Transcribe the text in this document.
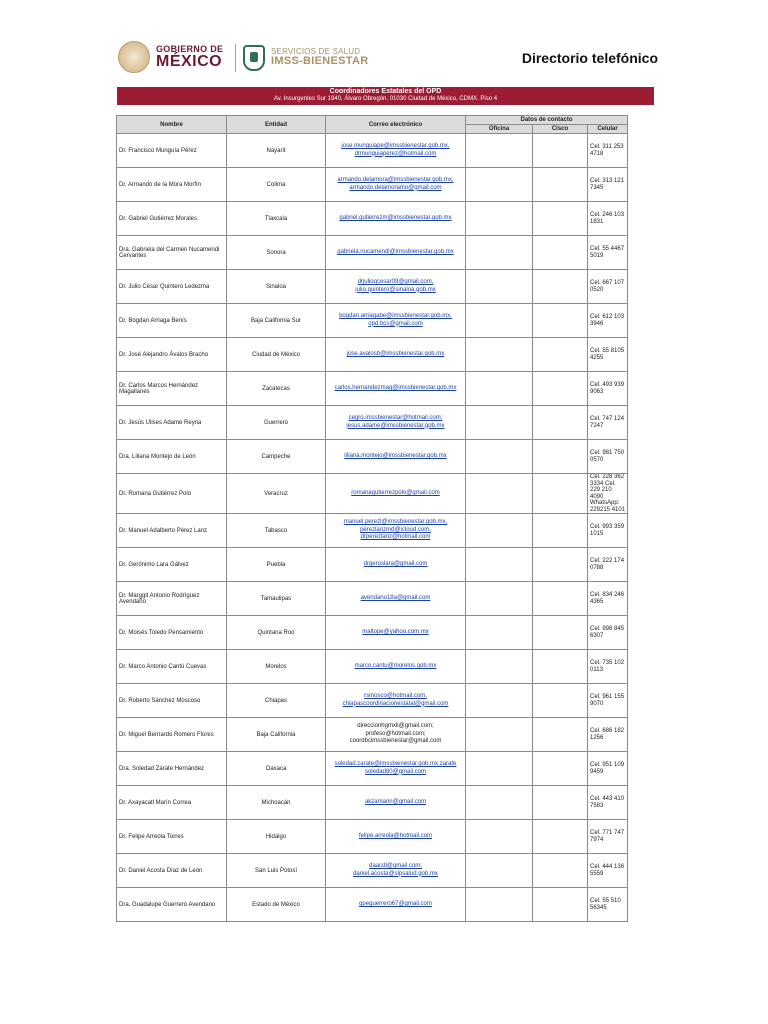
GOBIERNO DE
MÉXICO
SERVICIOS DE SALUD
IMSS-BIENESTAR	Directorio telefónico
Coordinadores Estatales del OPD
Av. Insurgentes Sur 1940, Álvaro Obregón, 01030 Ciudad de México, CDMX. Piso 4
Nombre	Entidad	Correo electrónico	Datos de contacto		
			Oficina	Cisco	Celular
Dr. Francisco Munguía Pérez	Nayarit	jose.munguiape@imssbienestar.gob.mx,
drmunguiaperez@hotmail.com			Cel. 311 253 4718
Dr. Armando de la Mora Morfín	Colima	armando.delamora@imssbienestar.gob.mx,
armando.delamoramo@gmail.com			Cel. 313 121 7345
Dr. Gabriel Gutiérrez Morales	Tlaxcala	gabriel.gutierrezm@imssbienestar.gob.mx			Cel. 246 103 1831
Dra. Gabriela del Carmen Nucamendi Cervantes	Sonora	gabriela.nucamendi@imssbienestar.gob.mx			Cel. 55 4467 5019
Dr. Julio César Quintero Ledezma	Sinaloa	drjulioqcesar09@gmail.com,
julio.quintero@sinaloa.gob.mx			Cel. 667 107 0520
Dr. Bogdan Arriaga Benís	Baja California Sur	bogdan.arriagabe@imssbienestar.gob.mx,
opd.bcs@gmail.com			Cel. 612 103 3946
Dr. José Alejandro Ávalos Bracho	Ciudad de México	jose.avalosb@imssbienestar.gob.mx			Cel. 55 8105 4255
Dr. Carlos Marcos Hernández Magallanes	Zacatecas	carlos.hernandezmag@imssbienestar.gob.mx			Cel. 493 939 9063
Dr. Jesús Ulises Adame Reyna	Guerrero	cegro.imssbienestar@hotmail.com;
jesus.adame@imssbienestar.gob.mx			Cel. 747 124 7247
Dra. Liliana Montejo de León	Campeche	liliana.montejo@imssbienestar.gob.mx			Cel. 981 750 0570
Dr. Romana Gutiérrez Polo	Veracruz	romanagutierrezpolo@gmail.com			Cel. 228 362 3334 Cel. 229 210 4090 WhatsApp: 229215 4101
Dr. Manuel Adalberto Pérez Lanz	Tabasco	manuel.perezl@imssbienestar.gob.mx,
perezlanzmd@icloud.com,
drperezlanz@hotmail.com			Cel. 993 359 1015
Dr. Gerónimo Lara Gálvez	Puebla	drgeroslara@gmail.com			Cel. 222 174 0788
Dr. Marggit Antonio Rodríguez Avendaño	Tamaulipas	avendano18a@gmail.com			Cel. 834 246 4365
Dr. Moisés Toledo Pensamiento	Quintana Roo	maltope@yahoo.com.mx			Cel. 998 845 6307
Dr. Marco Antonio Cantú Cuevas	Morelos	marco.cantu@morelos.gob.mx			Cel. 735 102 0113
Dr. Roberto Sánchez Moscoso	Chiapas	rsmosco@hotmail.com,
chiapascoordinacionestatal@gmail.com			Cel. 961 155 9070
Dr. Miguel Bernardo Romero Flores	Baja California	direccionhgmxli@gmail.com;
profeso@hotmail.com;
coordbcimssbienestar@gmail.com			Cel. 686 182 1256
Dra. Soledad Zárate Hernández	Oaxaca	soledad.zarate@imssbienestar.gob.mx;zarate
soledad80@gmail.com			Cel. 951 109 9459
Dr. Axayacatl Marín Correa	Michoacán	akzamarin@gmail.com			Cel. 443 410 7583
Dr. Felipe Arreola Torres	Hidalgo	felipe.arreola@hotmail.com			Cel. 771 747 7974
Dr. Daniel Acosta Díaz de León	San Luis Potosí	daacdl@gmail.com;
daniel.acosta@slpsalud.gob.mx			Cel. 444 136 5559
Dra. Guadalupe Guerrero Avendano	Estado de México	gpeguerrero67@gmail.com			Cel. 55 510 56345
